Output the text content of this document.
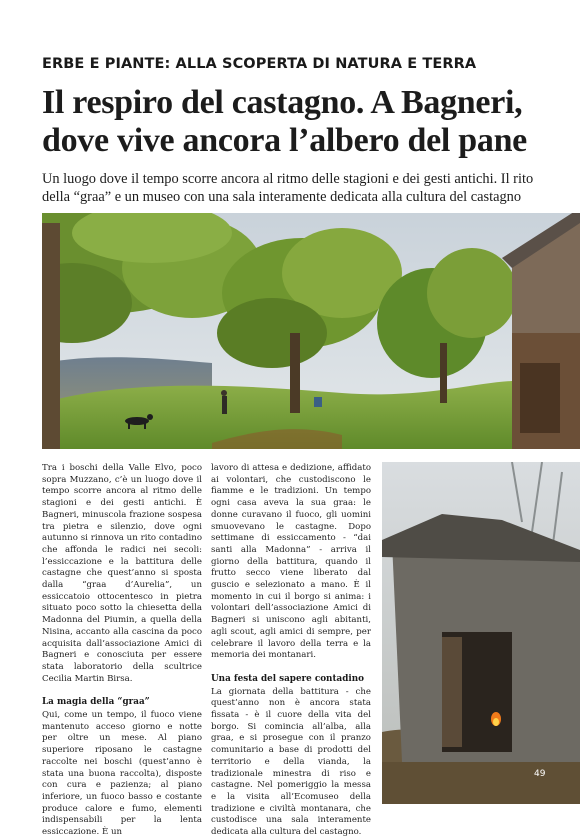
ERBE E PIANTE: ALLA SCOPERTA DI NATURA E TERRA
Il respiro del castagno. A Bagneri,
dove vive ancora l’albero del pane
Un luogo dove il tempo scorre ancora al ritmo delle stagioni e dei gesti antichi. Il rito
della “graa” e un museo con una sala interamente dedicata alla cultura del castagno

Tra i boschi della Valle Elvo, poco sopra Muzzano, c’è un luogo dove il tempo scorre ancora al ritmo delle stagioni e dei gesti antichi. È Bagneri, minuscola frazione sospesa tra pietra e silenzio, dove ogni autunno si rinnova un rito contadino che affonda le radici nei secoli: l’essiccazione e la battitura delle castagne che quest’anno si sposta dalla “graa d’Aurelia”, un essiccatoio ottocentesco in pietra situato poco sotto la chiesetta della Madonna del Piumin, a quella della Nisina, accanto alla cascina da poco acquisita dall’associazione Amici di Bagneri e conosciuta per essere stata laboratorio della scultrice Cecilia Martin Birsa.

La magia della “graa”

Qui, come un tempo, il fuoco viene mantenuto acceso giorno e notte per oltre un mese. Al piano superiore riposano le castagne raccolte nei boschi (quest’anno è stata una buona raccolta), disposte con cura e pazienza; al piano inferiore, un fuoco basso e costante produce calore e fumo, elementi indispensabili per la lenta essiccazione. È un

lavoro di attesa e dedizione, affidato ai volontari, che custodiscono le fiamme e le tradizioni. Un tempo ogni casa aveva la sua graa: le donne curavano il fuoco, gli uomini smuovevano le castagne. Dopo settimane di essiccamento - “dai santi alla Madonna” - arriva il giorno della battitura, quando il frutto secco viene liberato dal guscio e selezionato a mano. È il momento in cui il borgo si anima: i volontari dell’associazione Amici di Bagneri si uniscono agli abitanti, agli scout, agli amici di sempre, per celebrare il lavoro della terra e la memoria dei montanari.

Una festa del sapere contadino

La giornata della battitura - che quest’anno non è ancora stata fissata - è il cuore della vita del borgo. Si comincia all’alba, alla graa, e si prosegue con il pranzo comunitario a base di prodotti del territorio e della vianda, la tradizionale minestra di riso e castagne. Nel pomeriggio la messa e la visita all’Ecomuseo della tradizione e civiltà montanara, che custodisce una sala interamente dedicata alla cultura del castagno.

49
